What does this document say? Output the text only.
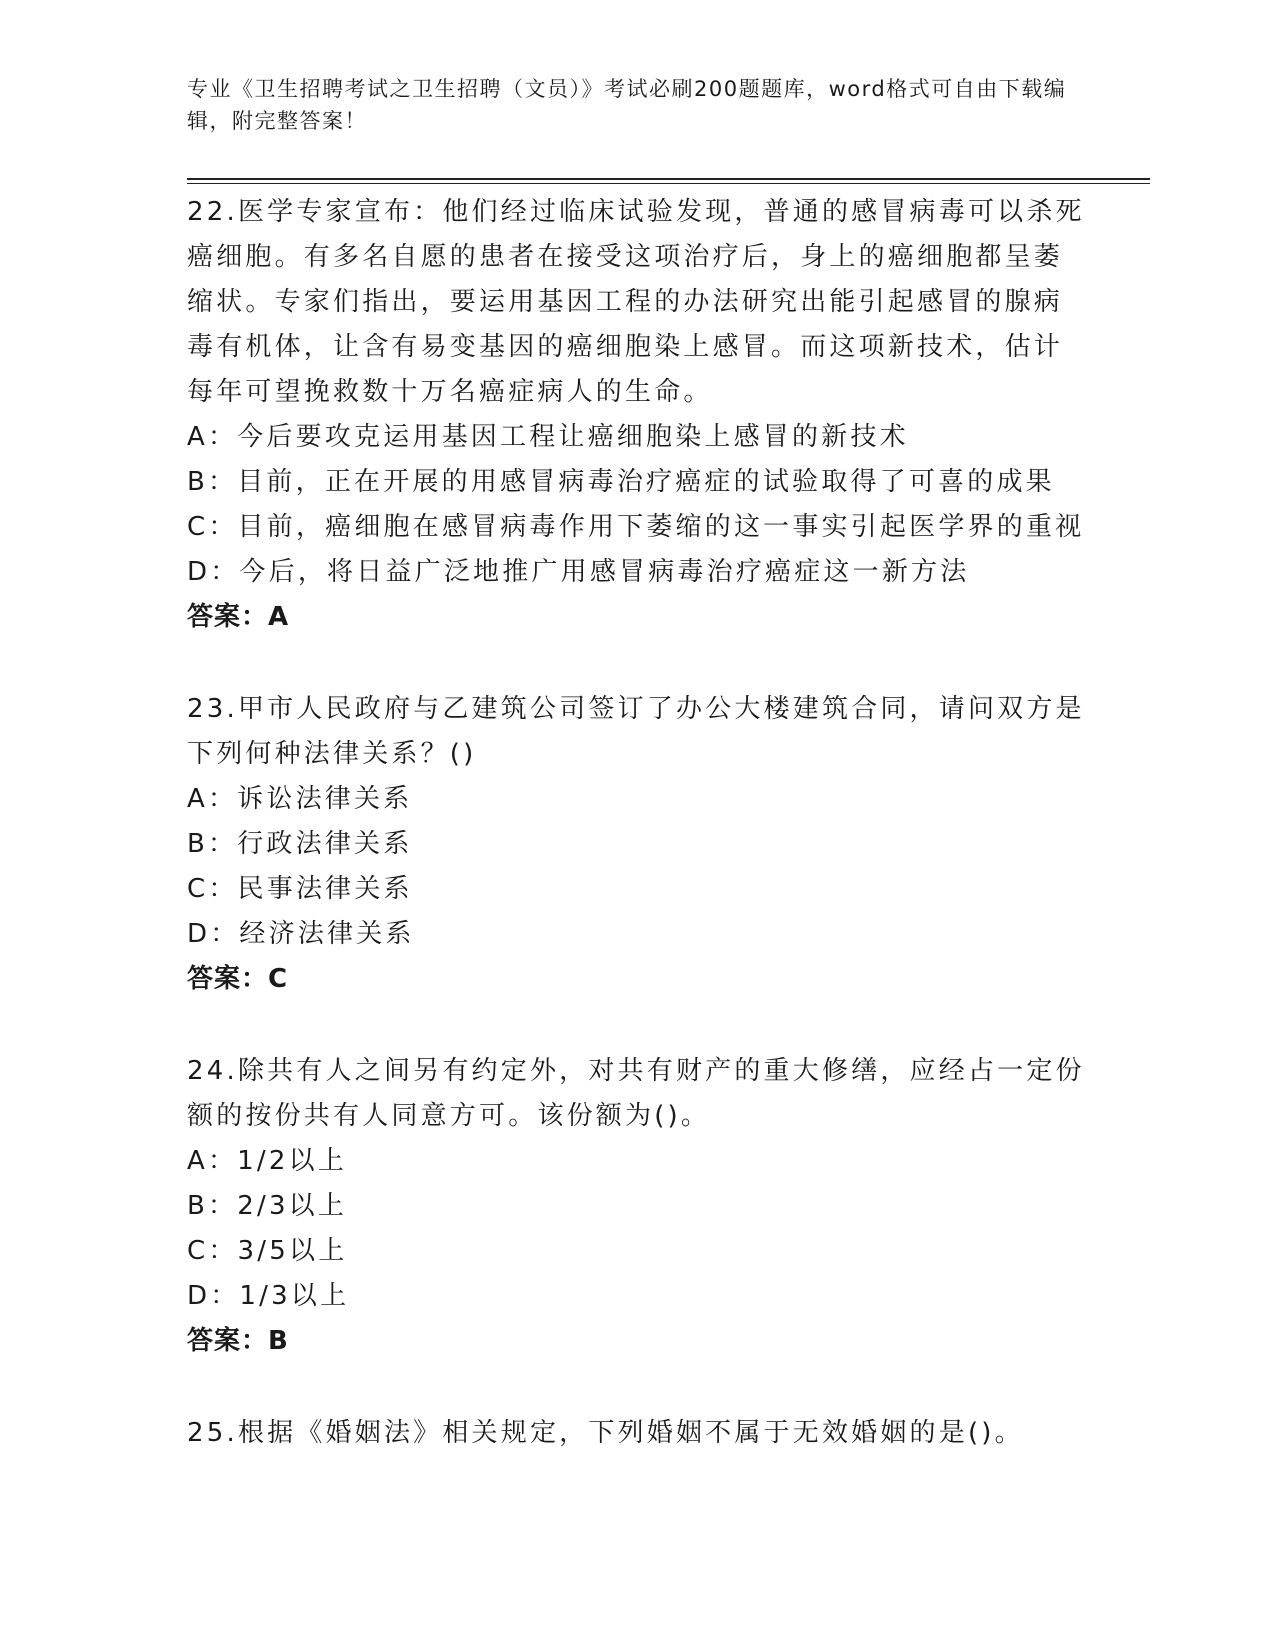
专业《卫生招聘考试之卫生招聘（文员）》考试必刷200题题库，word格式可自由下载编辑，附完整答案！

22.医学专家宣布：他们经过临床试验发现，普通的感冒病毒可以杀死癌细胞。有多名自愿的患者在接受这项治疗后，身上的癌细胞都呈萎缩状。专家们指出，要运用基因工程的办法研究出能引起感冒的腺病毒有机体，让含有易变基因的癌细胞染上感冒。而这项新技术，估计每年可望挽救数十万名癌症病人的生命。

A：今后要攻克运用基因工程让癌细胞染上感冒的新技术

B：目前，正在开展的用感冒病毒治疗癌症的试验取得了可喜的成果

C：目前，癌细胞在感冒病毒作用下萎缩的这一事实引起医学界的重视

D：今后，将日益广泛地推广用感冒病毒治疗癌症这一新方法

答案：A

23.甲市人民政府与乙建筑公司签订了办公大楼建筑合同，请问双方是下列何种法律关系？()

A：诉讼法律关系

B：行政法律关系

C：民事法律关系

D：经济法律关系

答案：C

24.除共有人之间另有约定外，对共有财产的重大修缮，应经占一定份额的按份共有人同意方可。该份额为()。

A：1/2以上

B：2/3以上

C：3/5以上

D：1/3以上

答案：B

25.根据《婚姻法》相关规定，下列婚姻不属于无效婚姻的是()。
